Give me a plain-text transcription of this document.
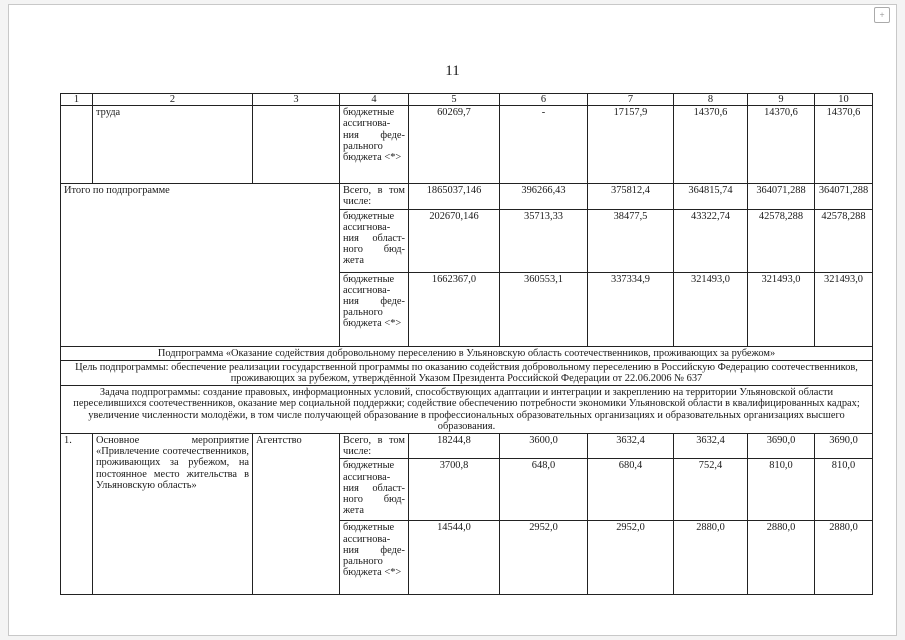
+
11
1	2	3	4	5	6	7	8	9	10
	труда		бюджетные ассигнова-ния феде-рального бюджета <*>	60269,7	-	17157,9	14370,6	14370,6	14370,6
Итого по подпрограмме			Всего, в том числе:	1865037,146	396266,43	375812,4	364815,74	364071,288	364071,288
			бюджетные ассигнова-ния област-ного бюд-жета	202670,146	35713,33	38477,5	43322,74	42578,288	42578,288
			бюджетные ассигнова-ния феде-рального бюджета <*>	1662367,0	360553,1	337334,9	321493,0	321493,0	321493,0
Подпрограмма «Оказание содействия добровольному переселению в Ульяновскую область соотечественников, проживающих за рубежом»									
Цель подпрограммы: обеспечение реализации государственной программы по оказанию содействия добровольному переселению в Российскую Федерацию соотечественников, проживающих за рубежом, утверждённой Указом Президента Российской Федерации от 22.06.2006 № 637									
Задача подпрограммы: создание правовых, информационных условий, способствующих адаптации и интеграции и закреплению на территории Ульяновской области переселившихся соотечественников, оказание мер социальной поддержки; содействие обеспечению потребности экономики Ульяновской области в квалифицированных кадрах; увеличение численности молодёжи, в том числе получающей образование в профессиональных образовательных организациях и образовательных организациях высшего образования.									
1.	Основное мероприятие «Привлечение соотечественников, проживающих за рубежом, на постоянное место жительства в Ульяновскую область»	Агентство	Всего, в том числе:	18244,8	3600,0	3632,4	3632,4	3690,0	3690,0
			бюджетные ассигнова-ния област-ного бюд-жета	3700,8	648,0	680,4	752,4	810,0	810,0
			бюджетные ассигнова-ния феде-рального бюджета <*>	14544,0	2952,0	2952,0	2880,0	2880,0	2880,0
